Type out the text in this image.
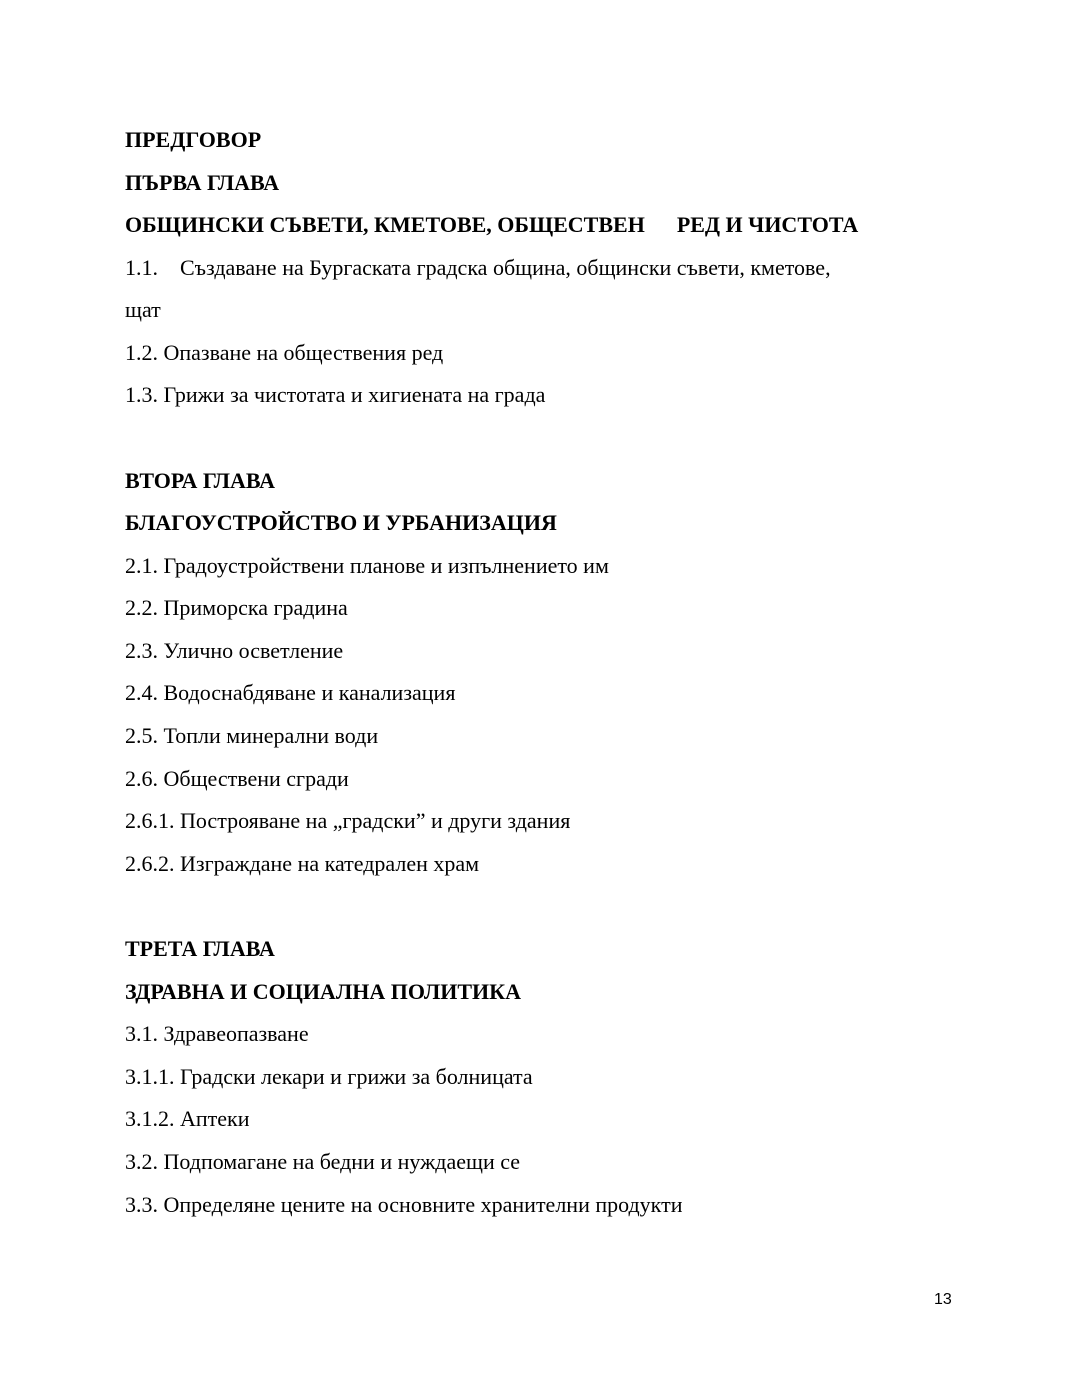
ПРЕДГОВОР
ПЪРВА ГЛАВА
ОБЩИНСКИ СЪВЕТИ, КМЕТОВЕ, ОБЩЕСТВЕН РЕД И ЧИСТОТА
1.1. Създаване на Бургаската градска община, общински съвети, кметове,
щат
1.2. Опазване на обществения ред
1.3. Грижи за чистотата и хигиената на града
ВТОРА ГЛАВА
БЛАГОУСТРОЙСТВО И УРБАНИЗАЦИЯ
2.1. Градоустройствени планове и изпълнението им
2.2. Приморска градина
2.3. Улично осветление
2.4. Водоснабдяване и канализация
2.5. Топли минерални води
2.6. Обществени сгради
2.6.1. Построяване на „градски” и други здания
2.6.2. Изграждане на катедрален храм
ТРЕТА ГЛАВА
ЗДРАВНА И СОЦИАЛНА ПОЛИТИКА
3.1. Здравеопазване
3.1.1. Градски лекари и грижи за болницата
3.1.2. Аптеки
3.2. Подпомагане на бедни и нуждаещи се
3.3. Определяне цените на основните хранителни продукти
13
